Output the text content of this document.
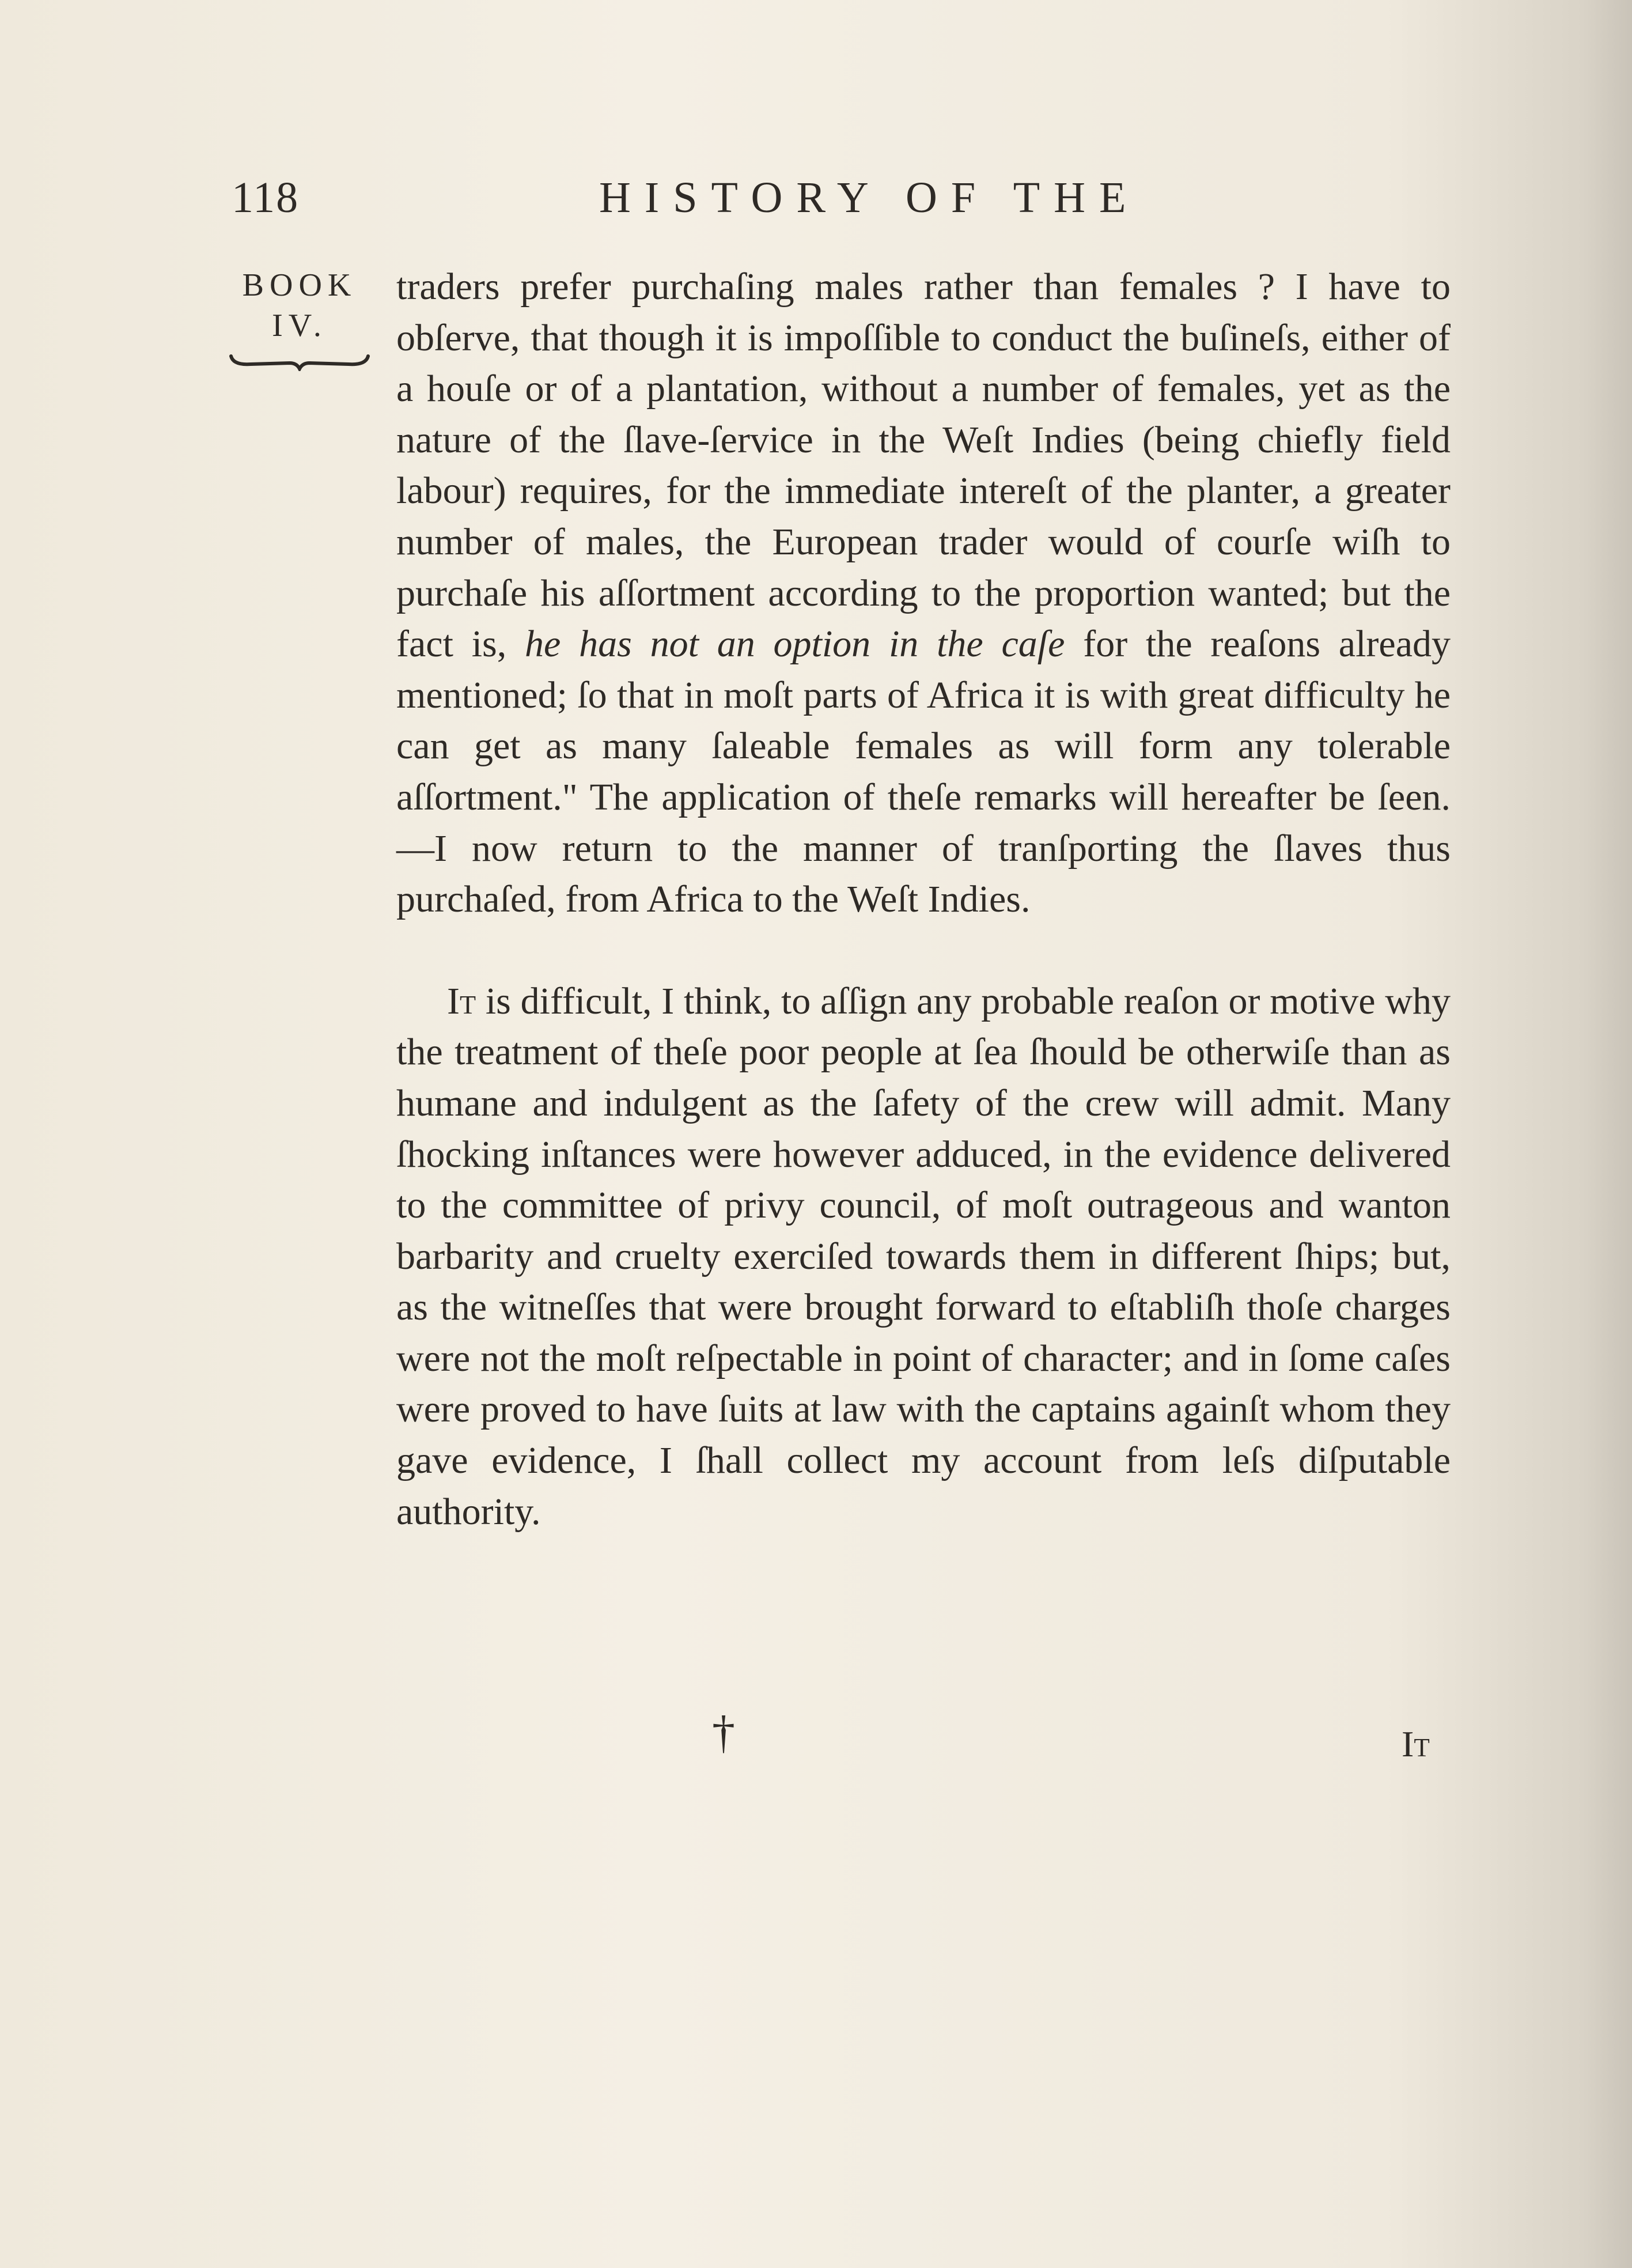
118	HISTORY OF THE
BOOK
IV.

traders prefer purchaſing males rather than females ? I have to obſerve, that though it is impoſſible to conduct the buſineſs, either of a houſe or of a plantation, without a number of females, yet as the nature of the ſlave-ſervice in the Weſt Indies (being chiefly field labour) requires, for the immediate intereſt of the planter, a greater number of males, the European trader would of courſe wiſh to purchaſe his aſſortment according to the proportion wanted; but the fact is, he has not an option in the caſe for the reaſons already mentioned; ſo that in moſt parts of Africa it is with great difficulty he can get as many ſaleable females as will form any tolerable aſſortment." The application of theſe remarks will hereafter be ſeen.—I now return to the manner of tranſporting the ſlaves thus purchaſed, from Africa to the Weſt Indies.

It is difficult, I think, to aſſign any probable reaſon or motive why the treatment of theſe poor people at ſea ſhould be otherwiſe than as humane and indulgent as the ſafety of the crew will admit. Many ſhocking inſtances were however adduced, in the evidence delivered to the committee of privy council, of moſt outrageous and wanton barbarity and cruelty exerciſed towards them in different ſhips; but, as the witneſſes that were brought forward to eſtabliſh thoſe charges were not the moſt reſpectable in point of character; and in ſome caſes were proved to have ſuits at law with the captains againſt whom they gave evidence, I ſhall collect my account from leſs diſputable authority.

†	It
